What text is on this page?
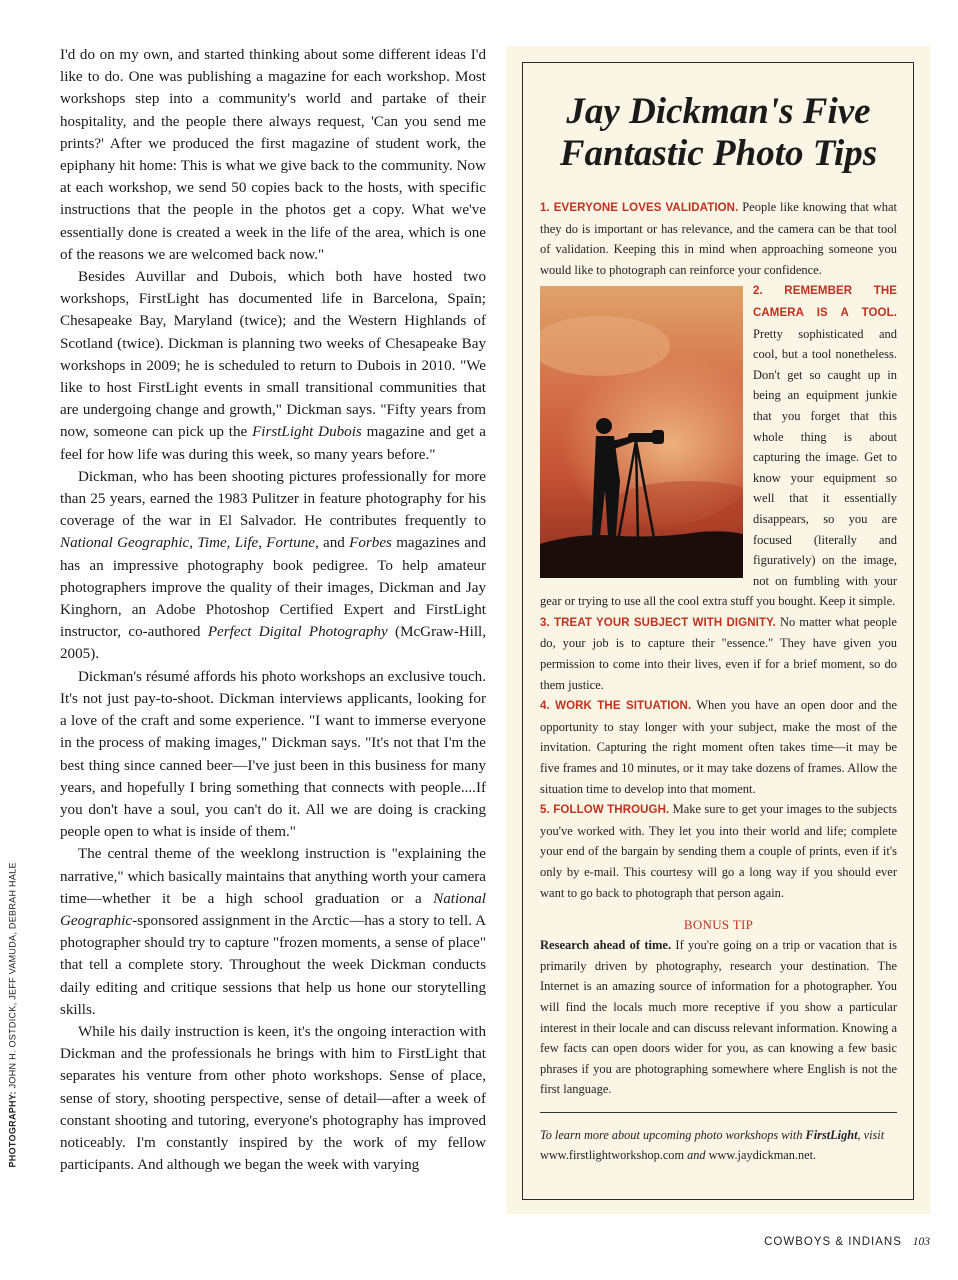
PHOTOGRAPHY: JOHN H. OSTDICK, JEFF VAMUDA, DEBRAH HALE

I'd do on my own, and started thinking about some different ideas I'd like to do. One was publishing a magazine for each workshop. Most workshops step into a community's world and partake of their hospitality, and the people there always request, 'Can you send me prints?' After we produced the first magazine of student work, the epiphany hit home: This is what we give back to the community. Now at each workshop, we send 50 copies back to the hosts, with specific instructions that the people in the photos get a copy. What we've essentially done is created a week in the life of the area, which is one of the reasons we are welcomed back now."

Besides Auvillar and Dubois, which both have hosted two workshops, FirstLight has documented life in Barcelona, Spain; Chesapeake Bay, Maryland (twice); and the Western Highlands of Scotland (twice). Dickman is planning two weeks of Chesapeake Bay workshops in 2009; he is scheduled to return to Dubois in 2010. "We like to host FirstLight events in small transitional communities that are undergoing change and growth," Dickman says. "Fifty years from now, someone can pick up the FirstLight Dubois magazine and get a feel for how life was during this week, so many years before."

Dickman, who has been shooting pictures professionally for more than 25 years, earned the 1983 Pulitzer in feature photography for his coverage of the war in El Salvador. He contributes frequently to National Geographic, Time, Life, Fortune, and Forbes magazines and has an impressive photography book pedigree. To help amateur photographers improve the quality of their images, Dickman and Jay Kinghorn, an Adobe Photoshop Certified Expert and FirstLight instructor, co-authored Perfect Digital Photography (McGraw-Hill, 2005).

Dickman's résumé affords his photo workshops an exclusive touch. It's not just pay-to-shoot. Dickman interviews applicants, looking for a love of the craft and some experience. "I want to immerse everyone in the process of making images," Dickman says. "It's not that I'm the best thing since canned beer—I've just been in this business for many years, and hopefully I bring something that connects with people....If you don't have a soul, you can't do it. All we are doing is cracking people open to what is inside of them."

The central theme of the weeklong instruction is "explaining the narrative," which basically maintains that anything worth your camera time—whether it be a high school graduation or a National Geographic-sponsored assignment in the Arctic—has a story to tell. A photographer should try to capture "frozen moments, a sense of place" that tell a complete story. Throughout the week Dickman conducts daily editing and critique sessions that help us hone our storytelling skills.

While his daily instruction is keen, it's the ongoing interaction with Dickman and the professionals he brings with him to FirstLight that separates his venture from other photo workshops. Sense of place, sense of story, shooting perspective, sense of detail—after a week of constant shooting and tutoring, everyone's photography has improved noticeably. I'm constantly inspired by the work of my fellow participants. And although we began the week with varying

Jay Dickman's Five
Fantastic Photo Tips

1. EVERYONE LOVES VALIDATION. People like knowing that what they do is important or has relevance, and the camera can be that tool of validation. Keeping this in mind when approaching someone you would like to photograph can reinforce your confidence.

2. REMEMBER THE CAMERA IS A TOOL. Pretty sophisticated and cool, but a tool nonetheless. Don't get so caught up in being an equipment junkie that you forget that this whole thing is about capturing the image. Get to know your equipment so well that it essentially disappears, so you are focused (literally and figuratively) on the image, not on fumbling with your gear or trying to use all the cool extra stuff you bought. Keep it simple.

3. TREAT YOUR SUBJECT WITH DIGNITY. No matter what people do, your job is to capture their "essence." They have given you permission to come into their lives, even if for a brief moment, so do them justice.

4. WORK THE SITUATION. When you have an open door and the opportunity to stay longer with your subject, make the most of the invitation. Capturing the right moment often takes time—it may be five frames and 10 minutes, or it may take dozens of frames. Allow the situation time to develop into that moment.

5. FOLLOW THROUGH. Make sure to get your images to the subjects you've worked with. They let you into their world and life; complete your end of the bargain by sending them a couple of prints, even if it's only by e-mail. This courtesy will go a long way if you should ever want to go back to photograph that person again.

BONUS TIP
Research ahead of time. If you're going on a trip or vacation that is primarily driven by photography, research your destination. The Internet is an amazing source of information for a photographer. You will find the locals much more receptive if you show a particular interest in their locale and can discuss relevant information. Knowing a few facts can open doors wider for you, as can knowing a few basic phrases if you are photographing somewhere where English is not the first language.
To learn more about upcoming photo workshops with FirstLight, visit www.firstlightworkshop.com and www.jaydickman.net.
COWBOYS & INDIANS 103
